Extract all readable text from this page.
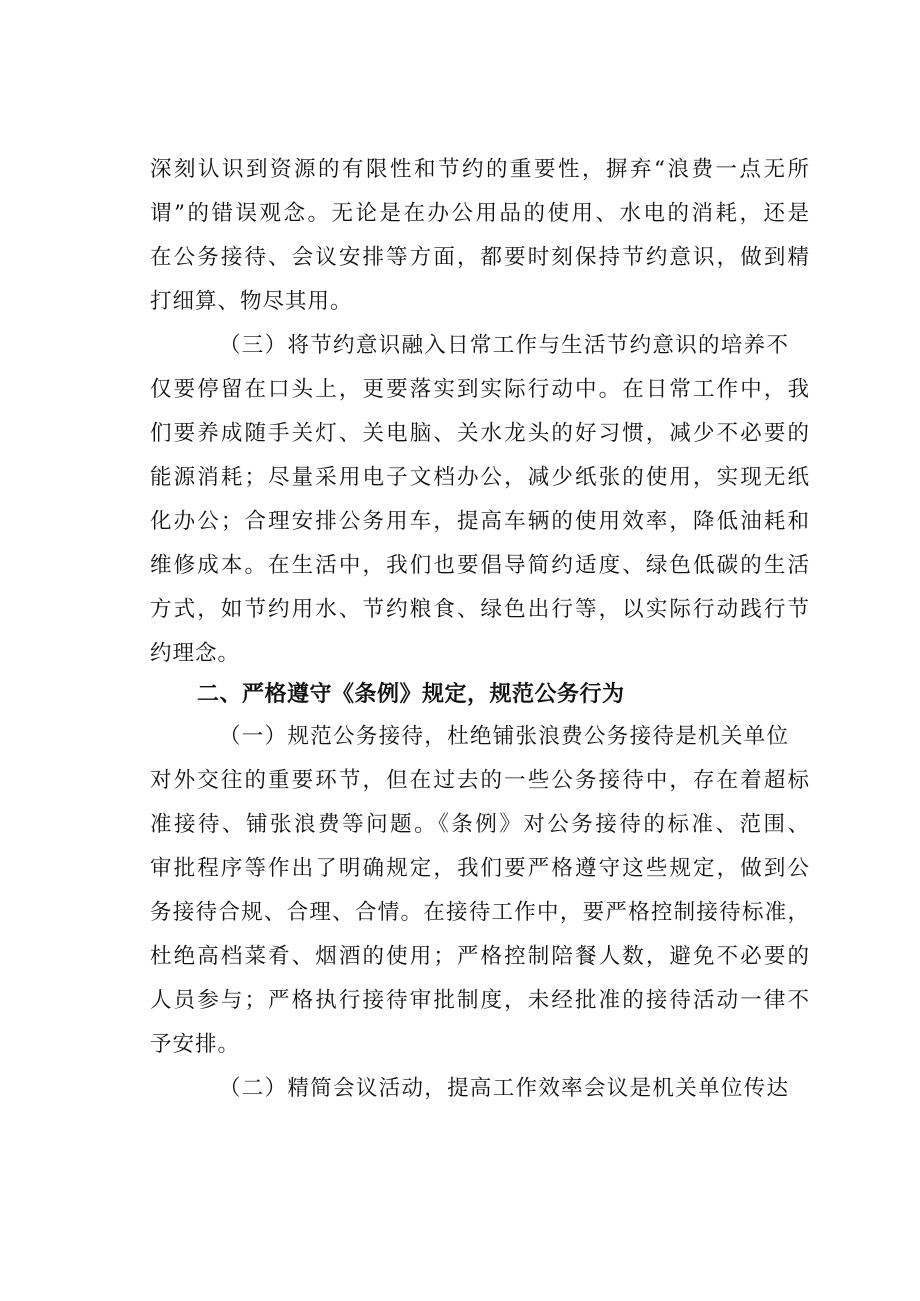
深刻认识到资源的有限性和节约的重要性，摒弃“浪费一点无所
谓”的错误观念。无论是在办公用品的使用、水电的消耗，还是
在公务接待、会议安排等方面，都要时刻保持节约意识，做到精
打细算、物尽其用。
（三）将节约意识融入日常工作与生活节约意识的培养不
仅要停留在口头上，更要落实到实际行动中。在日常工作中，我
们要养成随手关灯、关电脑、关水龙头的好习惯，减少不必要的
能源消耗；尽量采用电子文档办公，减少纸张的使用，实现无纸
化办公；合理安排公务用车，提高车辆的使用效率，降低油耗和
维修成本。在生活中，我们也要倡导简约适度、绿色低碳的生活
方式，如节约用水、节约粮食、绿色出行等，以实际行动践行节
约理念。
二、严格遵守《条例》规定，规范公务行为
（一）规范公务接待，杜绝铺张浪费公务接待是机关单位
对外交往的重要环节，但在过去的一些公务接待中，存在着超标
准接待、铺张浪费等问题。《条例》对公务接待的标准、范围、
审批程序等作出了明确规定，我们要严格遵守这些规定，做到公
务接待合规、合理、合情。在接待工作中，要严格控制接待标准，
杜绝高档菜肴、烟酒的使用；严格控制陪餐人数，避免不必要的
人员参与；严格执行接待审批制度，未经批准的接待活动一律不
予安排。
（二）精简会议活动，提高工作效率会议是机关单位传达
